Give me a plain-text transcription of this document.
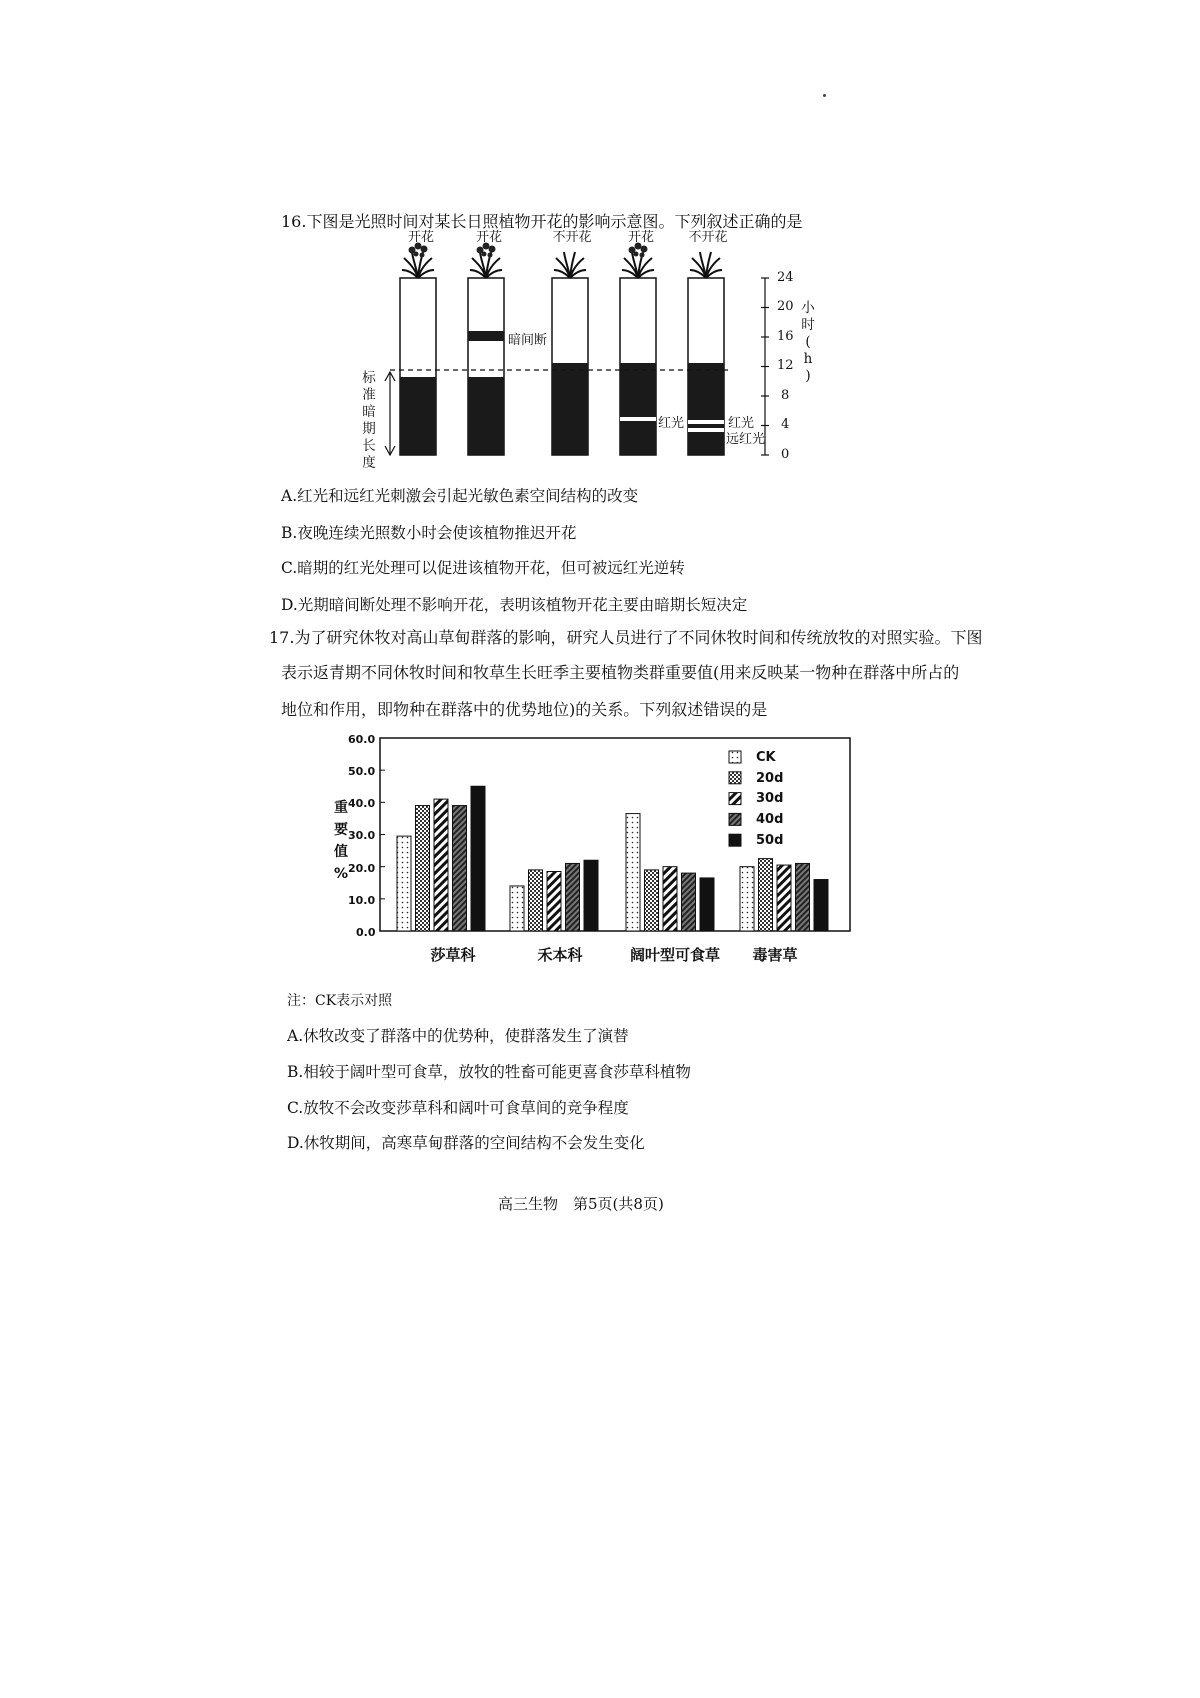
16.下图是光照时间对某长日照植物开花的影响示意图。下列叙述正确的是
开花	开花	不开花	开花	不开花
暗间断
红光	红光
远红光
标
准
暗
期
长
度
小
时
(
h
)
24
20
16
12
8
4
0
A.红光和远红光刺激会引起光敏色素空间结构的改变
B.夜晚连续光照数小时会使该植物推迟开花
C.暗期的红光处理可以促进该植物开花，但可被远红光逆转
D.光期暗间断处理不影响开花，表明该植物开花主要由暗期长短决定
17.为了研究休牧对高山草甸群落的影响，研究人员进行了不同休牧时间和传统放牧的对照实验。下图
表示返青期不同休牧时间和牧草生长旺季主要植物类群重要值(用来反映某一物种在群落中所占的
地位和作用，即物种在群落中的优势地位)的关系。下列叙述错误的是
重
要
值
%
60.0
50.0
40.0
30.0
20.0
10.0
0.0
莎草科	禾本科	阔叶型可食草	毒害草
CK
20d
30d
40d
50d
注：CK表示对照
A.休牧改变了群落中的优势种，使群落发生了演替
B.相较于阔叶型可食草，放牧的牲畜可能更喜食莎草科植物
C.放牧不会改变莎草科和阔叶可食草间的竞争程度
D.休牧期间，高寒草甸群落的空间结构不会发生变化
高三生物　第5页(共8页)
